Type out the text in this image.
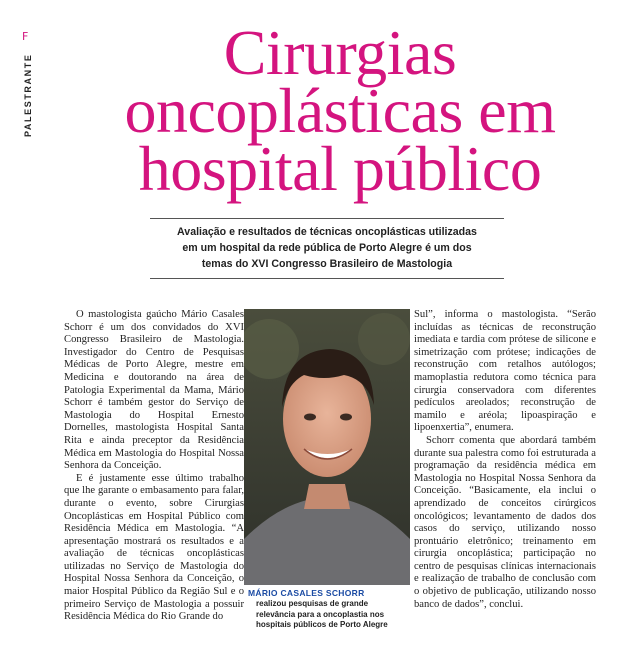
F
PALESTRANTE
Cirurgias
oncoplásticas em
hospital público

Avaliação e resultados de técnicas oncoplásticas utilizadas
em um hospital da rede pública de Porto Alegre é um dos
temas do XVI Congresso Brasileiro de Mastologia

O mastologista gaúcho Mário Casales Schorr é um dos convidados do XVI Congresso Brasileiro de Mastologia. Investigador do Centro de Pesquisas Médicas de Porto Alegre, mestre em Medicina e doutorando na área de Patologia Experimental da Mama, Mário Schorr é também gestor do Serviço de Mastologia do Hospital Ernesto Dornelles, mastologista Hospital Santa Rita e ainda preceptor da Residência Médica em Mastologia do Hospital Nossa Senhora da Conceição.

E é justamente esse último trabalho que lhe garante o embasamento para falar, durante o evento, sobre Cirurgias Oncoplásticas em Hospital Público com Residência Médica em Mastologia. “A apresentação mostrará os resultados e a avaliação de técnicas oncoplásticas utilizadas no Serviço de Mastologia do Hospital Nossa Senhora da Conceição, o maior Hospital Público da Região Sul e o primeiro Serviço de Mastologia a possuir Residência Médica do Rio Grande do

MÁRIO CASALES SCHORR
realizou pesquisas de grande
relevância para a oncoplastia nos
hospitais públicos de Porto Alegre

Sul”, informa o mastologista. “Serão incluídas as técnicas de reconstrução imediata e tardia com prótese de silicone e simetrização com prótese; indicações de reconstrução com retalhos autólogos; mamoplastia redutora como técnica para cirurgia conservadora com diferentes pedículos areolados; reconstrução de mamilo e aréola; lipoaspiração e lipoenxertia”, enumera.

Schorr comenta que abordará também durante sua palestra como foi estruturada a programação da residência médica em Mastologia no Hospital Nossa Senhora da Conceição. “Basicamente, ela inclui o aprendizado de conceitos cirúrgicos oncológicos; levantamento de dados dos casos do serviço, utilizando nosso prontuário eletrônico; treinamento em cirurgia oncoplástica; participação no centro de pesquisas clínicas internacionais e realização de trabalho de conclusão com o objetivo de publicação, utilizando nosso banco de dados”, conclui.
